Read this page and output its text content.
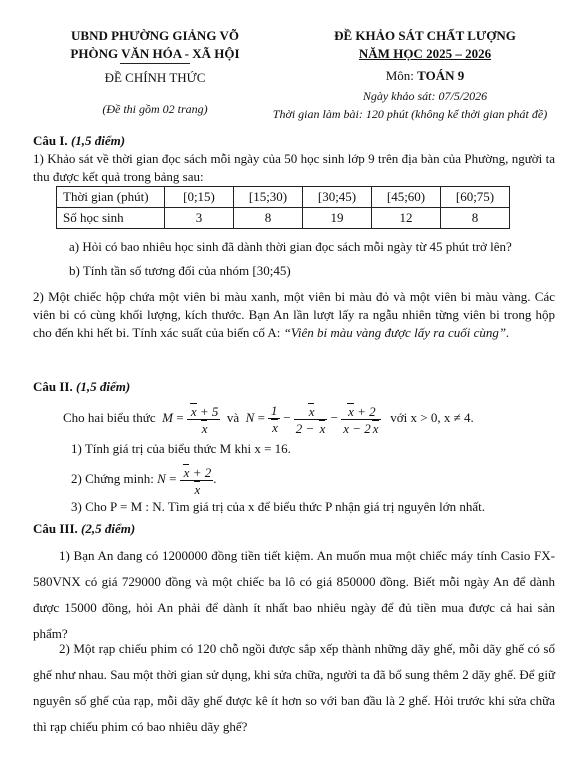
UBND PHƯỜNG GIẢNG VÕ
PHÒNG VĂN HÓA - XÃ HỘI
ĐỀ CHÍNH THỨC
(Đề thi gồm 02 trang)
ĐỀ KHẢO SÁT CHẤT LƯỢNG
NĂM HỌC 2025 – 2026
Môn: TOÁN 9
Ngày khảo sát: 07/5/2026
Thời gian làm bài: 120 phút (không kể thời gian phát đề)
Câu I. (1,5 điểm)
1) Khảo sát về thời gian đọc sách mỗi ngày của 50 học sinh lớp 9 trên địa bàn của Phường, người ta thu được kết quả trong bảng sau:
Thời gian (phút)	[0;15)	[15;30)	[30;45)	[45;60)	[60;75)
Số học sinh	3	8	19	12	8
a) Hỏi có bao nhiêu học sinh đã dành thời gian đọc sách mỗi ngày từ 45 phút trở lên?
b) Tính tần số tương đối của nhóm [30;45)
2) Một chiếc hộp chứa một viên bi màu xanh, một viên bi màu đỏ và một viên bi màu vàng. Các viên bi có cùng khối lượng, kích thước. Bạn An lần lượt lấy ra ngẫu nhiên từng viên bi trong hộp cho đến khi hết bi. Tính xác suất của biến cố A: “Viên bi màu vàng được lấy ra cuối cùng”.
Câu II. (1,5 điểm)
Cho hai biểu thức $M = \frac{x + 5}{x}$ và $N = \frac{1}{x} - \frac{x}{2 - x} - \frac{x + 2}{x - 2 x}$ với x > 0, x ≠ 4.
1) Tính giá trị của biểu thức M khi x = 16.
2) Chứng minh: $N = \frac{x + 2}{x}$ .
3) Cho P = M : N. Tìm giá trị của x để biểu thức P nhận giá trị nguyên lớn nhất.
Câu III. (2,5 điểm)
1) Bạn An đang có 1200000 đồng tiền tiết kiệm. An muốn mua một chiếc máy tính Casio FX-580VNX có giá 729000 đồng và một chiếc ba lô có giá 850000 đồng. Biết mỗi ngày An để dành được 15000 đồng, hỏi An phải để dành ít nhất bao nhiêu ngày để đủ tiền mua được cả hai sản phẩm?
2) Một rạp chiếu phim có 120 chỗ ngồi được sắp xếp thành những dãy ghế, mỗi dãy ghế có số ghế như nhau. Sau một thời gian sử dụng, khi sửa chữa, người ta đã bổ sung thêm 2 dãy ghế. Để giữ nguyên số ghế của rạp, mỗi dãy ghế được kê ít hơn so với ban đầu là 2 ghế. Hỏi trước khi sửa chữa thì rạp chiếu phim có bao nhiêu dãy ghế?
